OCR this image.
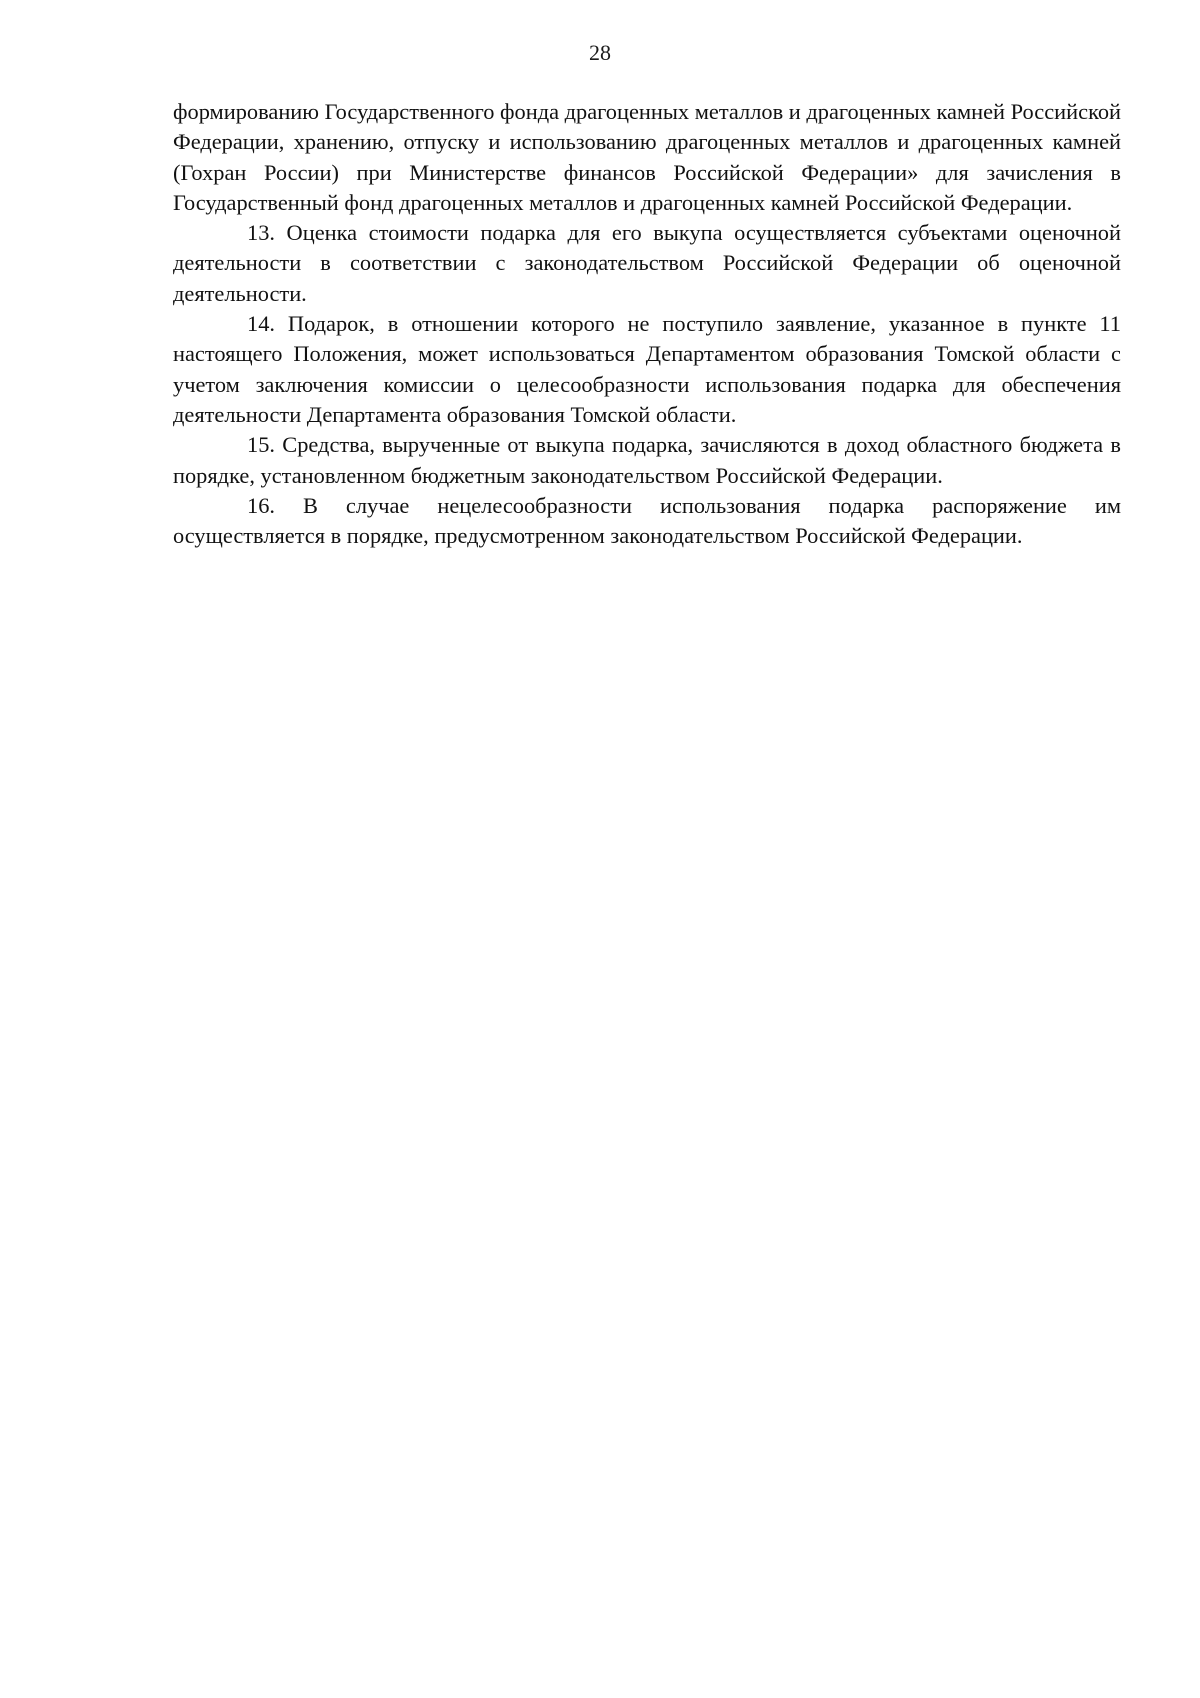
28

формированию Государственного фонда драгоценных металлов и драгоценных камней Российской Федерации, хранению, отпуску и использованию драгоценных металлов и драгоценных камней (Гохран России) при Министерстве финансов Российской Федерации» для зачисления в Государственный фонд драгоценных металлов и драгоценных камней Российской Федерации.

13. Оценка стоимости подарка для его выкупа осуществляется субъектами оценочной деятельности в соответствии с законодательством Российской Федерации об оценочной деятельности.

14. Подарок, в отношении которого не поступило заявление, указанное в пункте 11 настоящего Положения, может использоваться Департаментом образования Томской области с учетом заключения комиссии о целесообразности использования подарка для обеспечения деятельности Департамента образования Томской области.

15. Средства, вырученные от выкупа подарка, зачисляются в доход областного бюджета в порядке, установленном бюджетным законодательством Российской Федерации.

16. В случае нецелесообразности использования подарка распоряжение им осуществляется в порядке, предусмотренном законодательством Российской Федерации.
